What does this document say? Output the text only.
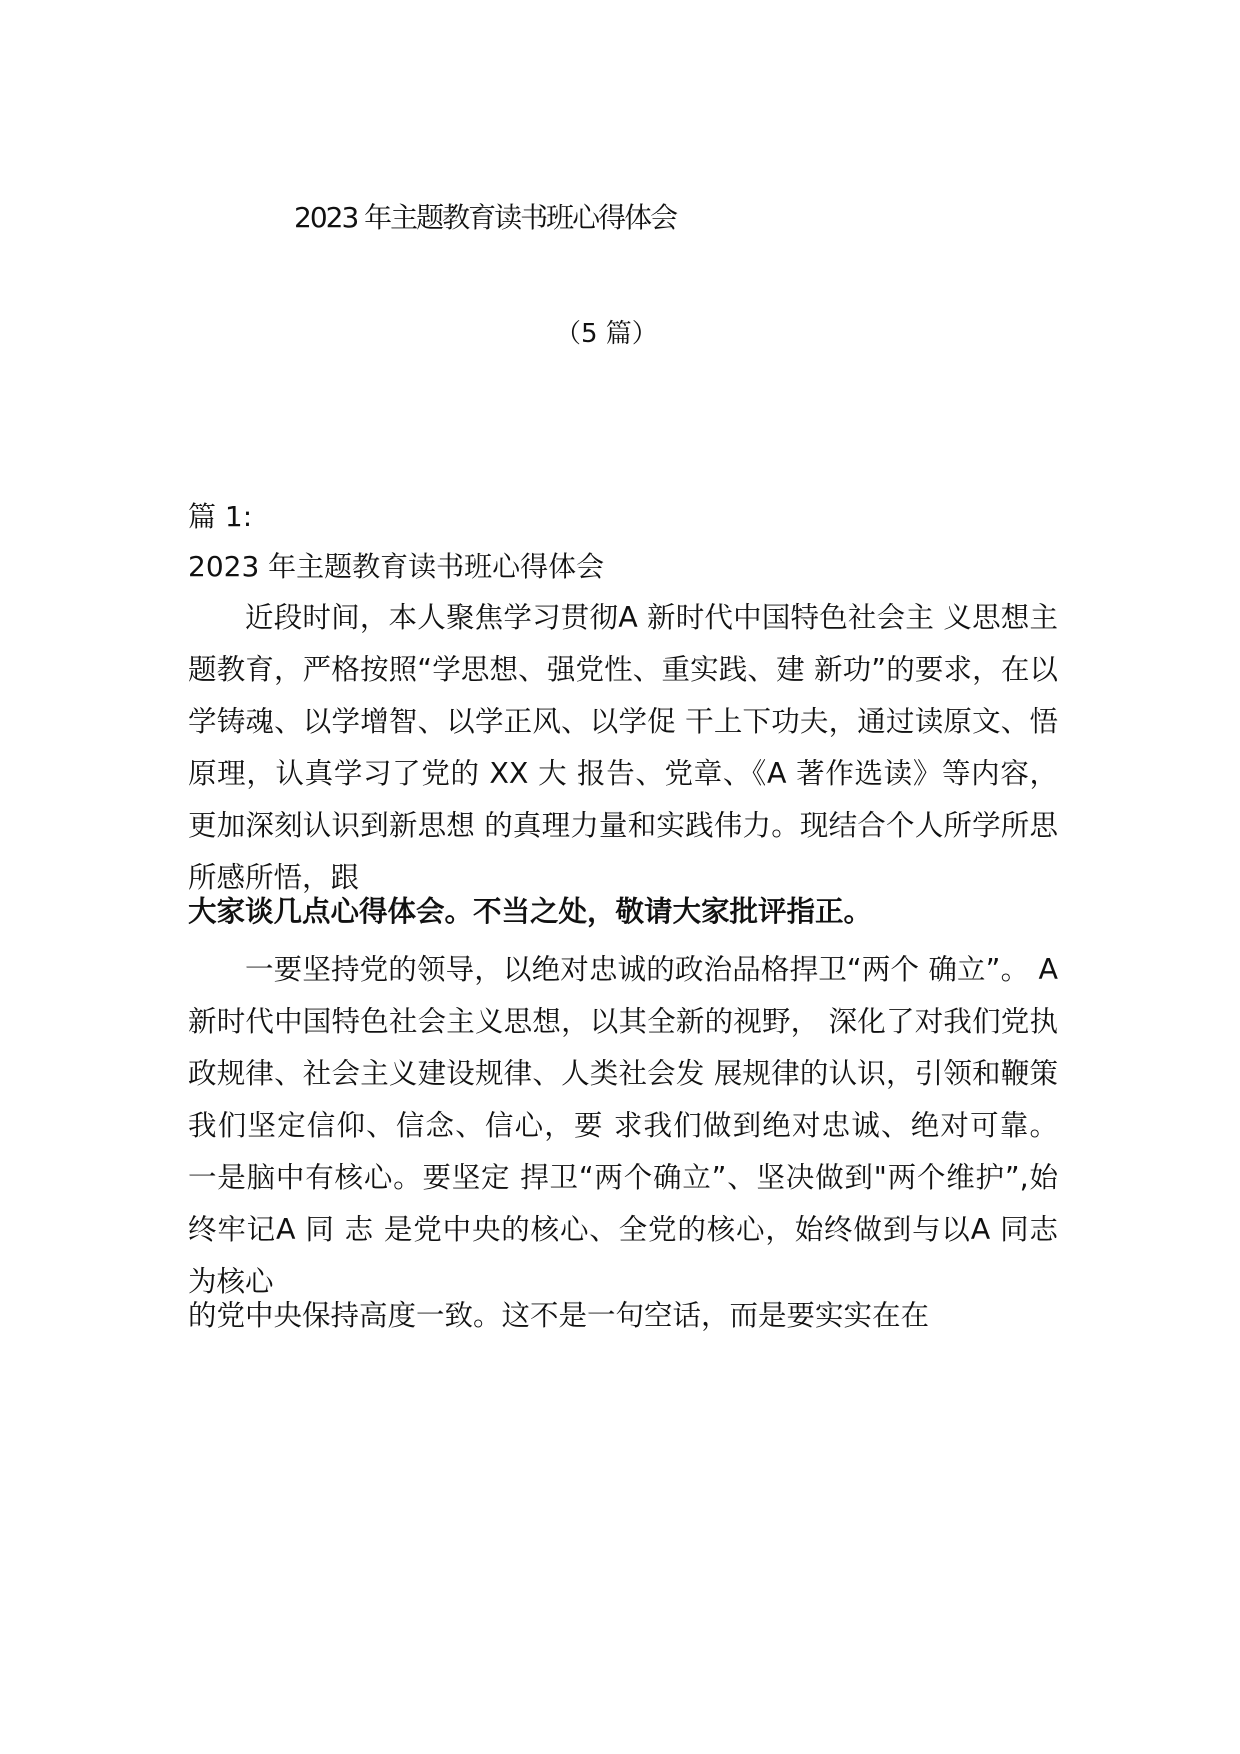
2023 年主题教育读书班心得体会
（5 篇）
篇 1:
2023 年主题教育读书班心得体会
近段时间，本人聚焦学习贯彻A 新时代中国特色社会主 义思想主题教育，严格按照“学思想、强党性、重实践、建 新功”的要求，在以学铸魂、以学增智、以学正风、以学促 干上下功夫，通过读原文、悟原理，认真学习了党的 XX 大 报告、党章、《A 著作选读》等内容，更加深刻认识到新思想 的真理力量和实践伟力。现结合个人所学所思所感所悟，跟
大家谈几点心得体会。不当之处，敬请大家批评指正。
一要坚持党的领导，以绝对忠诚的政治品格捍卫“两个 确立”。 A 新时代中国特色社会主义思想，以其全新的视野， 深化了对我们党执政规律、社会主义建设规律、人类社会发 展规律的认识，引领和鞭策我们坚定信仰、信念、信心，要 求我们做到绝对忠诚、绝对可靠。 一是脑中有核心。要坚定 捍卫“两个确立”、坚决做到"两个维护”,始终牢记A 同 志 是党中央的核心、全党的核心，始终做到与以A 同志为核心
的党中央保持高度一致。这不是一句空话，而是要实实在在
